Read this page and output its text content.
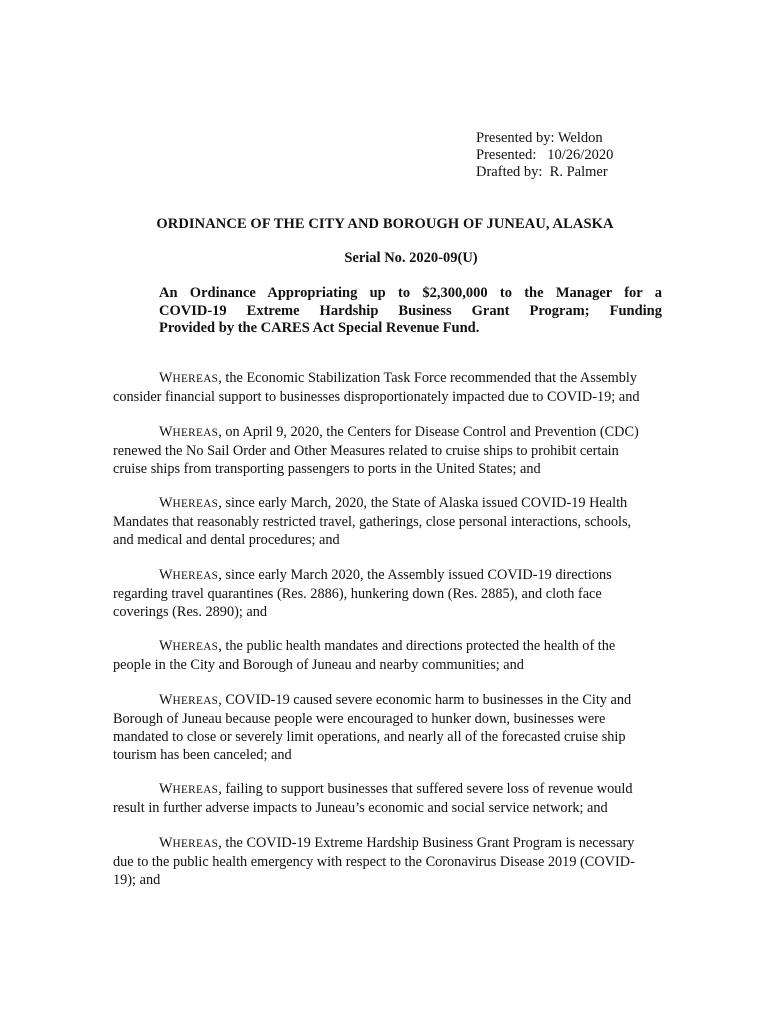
Presented by: Weldon
Presented:   10/26/2020
Drafted by:  R. Palmer
ORDINANCE OF THE CITY AND BOROUGH OF JUNEAU, ALASKA
Serial No. 2020-09(U)
An Ordinance Appropriating up to $2,300,000 to the Manager for a
COVID-19 Extreme Hardship Business Grant Program; Funding
Provided by the CARES Act Special Revenue Fund.
WHEREAS, the Economic Stabilization Task Force recommended that the Assembly
consider financial support to businesses disproportionately impacted due to COVID-19; and
WHEREAS, on April 9, 2020, the Centers for Disease Control and Prevention (CDC)
renewed the No Sail Order and Other Measures related to cruise ships to prohibit certain
cruise ships from transporting passengers to ports in the United States; and
WHEREAS, since early March, 2020, the State of Alaska issued COVID-19 Health
Mandates that reasonably restricted travel, gatherings, close personal interactions, schools,
and medical and dental procedures; and
WHEREAS, since early March 2020, the Assembly issued COVID-19 directions
regarding travel quarantines (Res. 2886), hunkering down (Res. 2885), and cloth face
coverings (Res. 2890); and
WHEREAS, the public health mandates and directions protected the health of the
people in the City and Borough of Juneau and nearby communities; and
WHEREAS, COVID-19 caused severe economic harm to businesses in the City and
Borough of Juneau because people were encouraged to hunker down, businesses were
mandated to close or severely limit operations, and nearly all of the forecasted cruise ship
tourism has been canceled; and
WHEREAS, failing to support businesses that suffered severe loss of revenue would
result in further adverse impacts to Juneau’s economic and social service network; and
WHEREAS, the COVID-19 Extreme Hardship Business Grant Program is necessary
due to the public health emergency with respect to the Coronavirus Disease 2019 (COVID-
19); and
